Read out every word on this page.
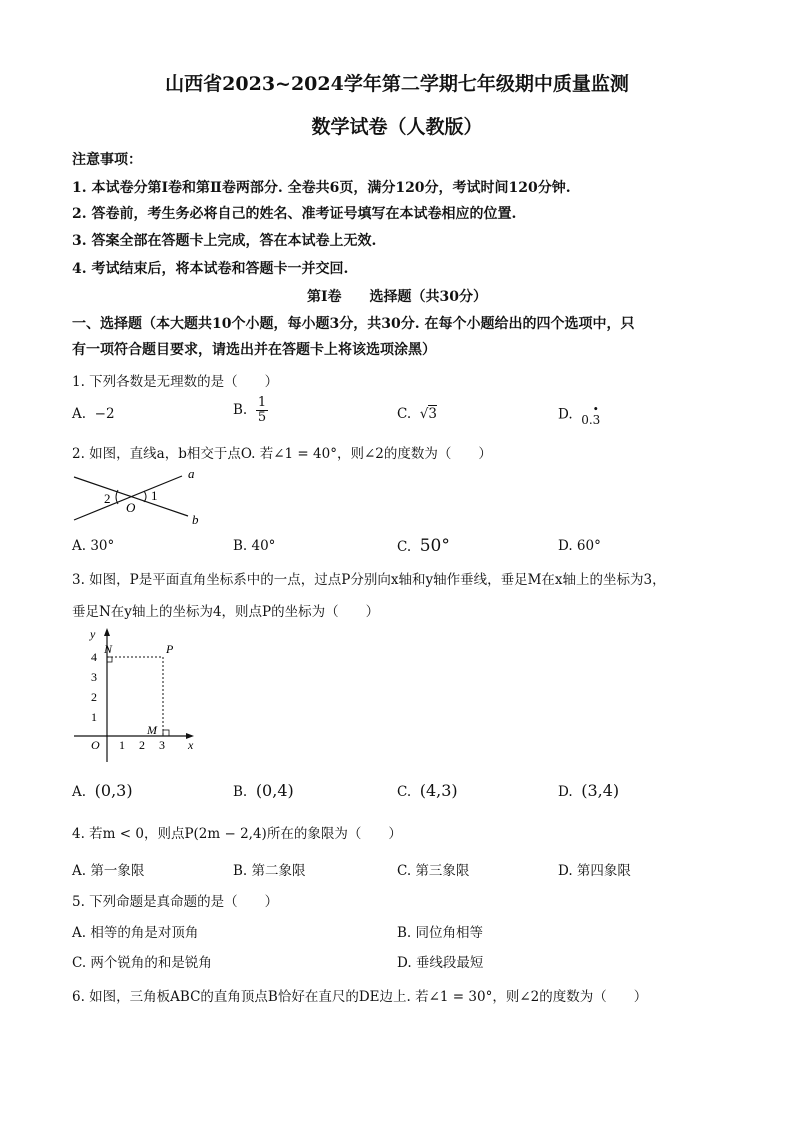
山西省2023~2024学年第二学期七年级期中质量监测
数学试卷（人教版）
注意事项：
1. 本试卷分第Ⅰ卷和第Ⅱ卷两部分. 全卷共6页，满分120分，考试时间120分钟.
2. 答卷前，考生务必将自己的姓名、准考证号填写在本试卷相应的位置.
3. 答案全部在答题卡上完成，答在本试卷上无效.
4. 考试结束后，将本试卷和答题卡一并交回.
第Ⅰ卷　　选择题（共30分）
一、选择题（本大题共10个小题，每小题3分，共30分. 在每个小题给出的四个选项中，只
有一项符合题目要求，请选出并在答题卡上将该选项涂黑）
1. 下列各数是无理数的是（　　）
A. −2	B. $\frac{1}{5}$	C. √3	D.	∙
0.3
2. 如图，直线a，b相交于点O. 若∠1 = 40°，则∠2的度数为（　　）
a
b
O
1
2
A. 30°	B. 40°	C. 50°	D. 60°
3. 如图，P是平面直角坐标系中的一点，过点P分别向x轴和y轴作垂线，垂足M在x轴上的坐标为3，
垂足N在y轴上的坐标为4，则点P的坐标为（　　）
y
x
O
N	P
M
4
3
2
1
1 2 3
A. (0,3)	B. (0,4)	C. (4,3)	D. (3,4)
4. 若m < 0，则点P(2m − 2,4)所在的象限为（　　）
A. 第一象限	B. 第二象限	C. 第三象限	D. 第四象限
5. 下列命题是真命题的是（　　）
A. 相等的角是对顶角	B. 同位角相等
C. 两个锐角的和是锐角	D. 垂线段最短
6. 如图，三角板ABC的直角顶点B恰好在直尺的DE边上. 若∠1 = 30°，则∠2的度数为（　　）
